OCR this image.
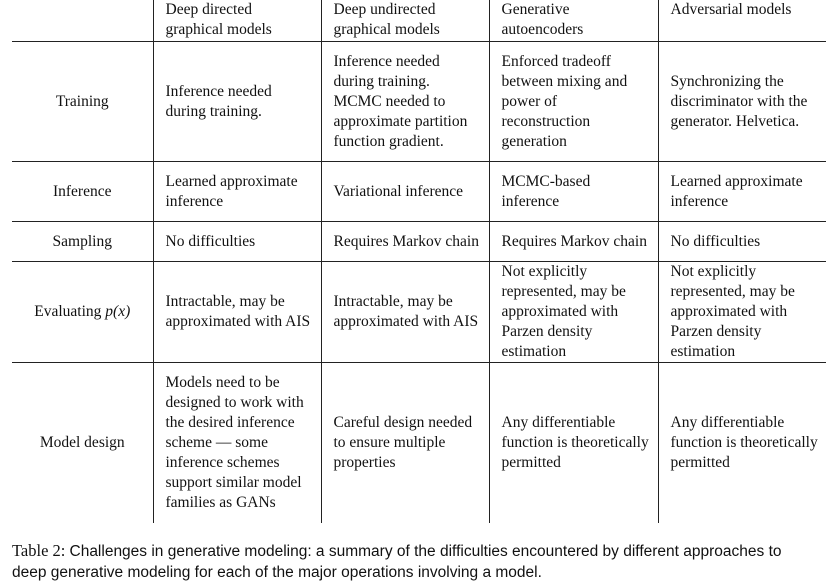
	Deep directed graphical models	Deep undirected graphical models	Generative autoencoders	Adversarial models
Training	Inference needed during training.	Inference needed during training. MCMC needed to approximate partition function gradient.	Enforced tradeoff between mixing and power of reconstruction generation	Synchronizing the discriminator with the generator. Helvetica.
Inference	Learned approximate inference	Variational inference	MCMC-based inference	Learned approximate inference
Sampling	No difficulties	Requires Markov chain	Requires Markov chain	No difficulties
Evaluating p(x)	Intractable, may be approximated with AIS	Intractable, may be approximated with AIS	Not explicitly represented, may be approximated with Parzen density estimation	Not explicitly represented, may be approximated with Parzen density estimation
Model design	Models need to be designed to work with the desired inference scheme — some inference schemes support similar model families as GANs	Careful design needed to ensure multiple properties	Any differentiable function is theoretically permitted	Any differentiable function is theoretically permitted
Table 2: Challenges in generative modeling: a summary of the difficulties encountered by different approaches to deep generative modeling for each of the major operations involving a model.
